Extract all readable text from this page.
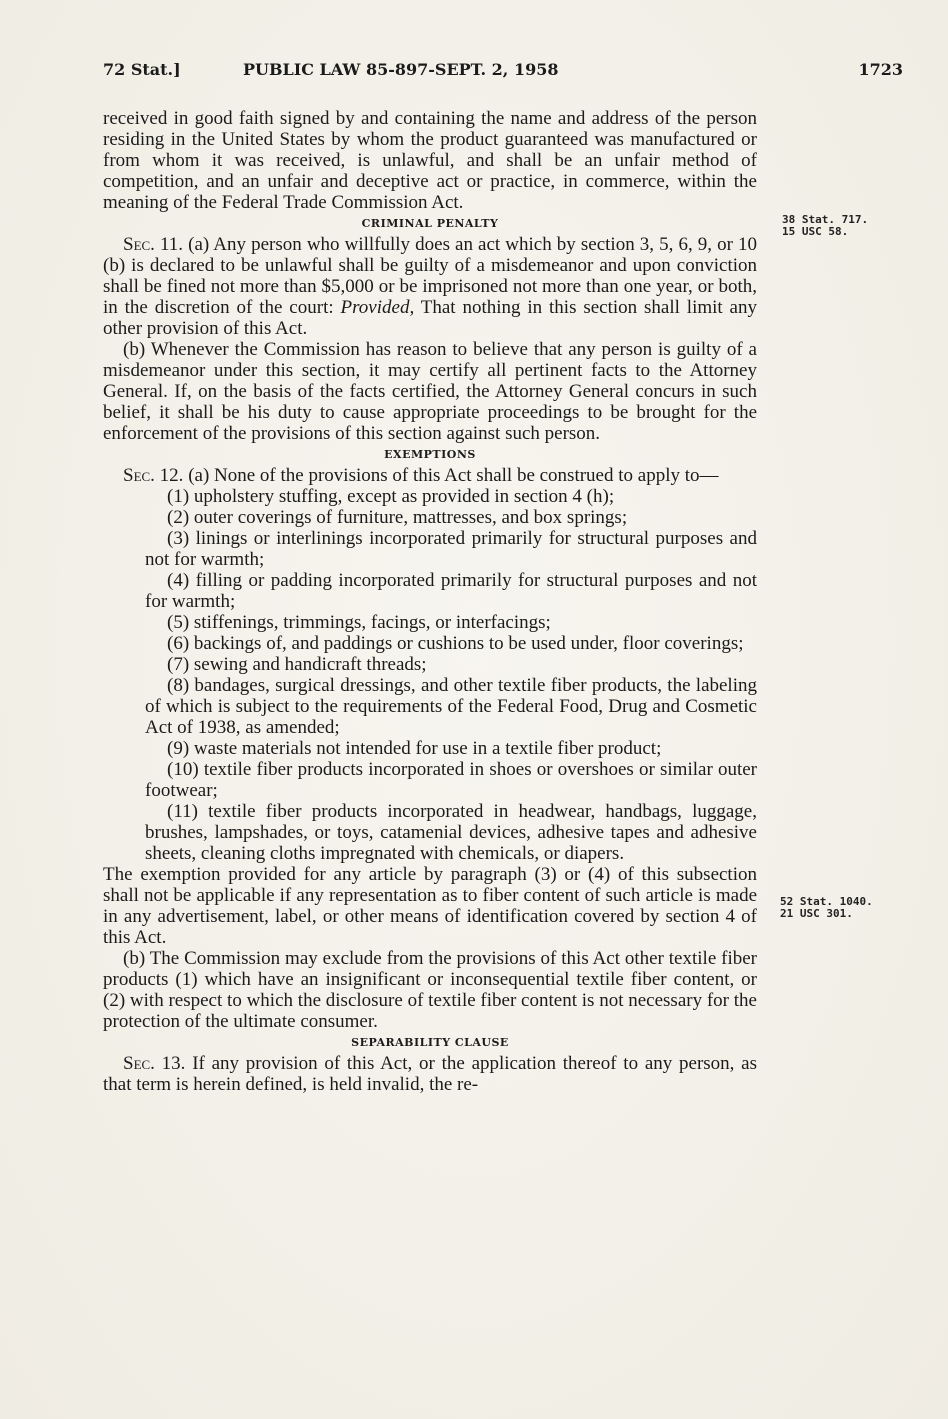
72 Stat.]	PUBLIC LAW 85-897-SEPT. 2, 1958	1723

received in good faith signed by and containing the name and address of the person residing in the United States by whom the product guaranteed was manufactured or from whom it was received, is unlawful, and shall be an unfair method of competition, and an unfair and deceptive act or practice, in commerce, within the meaning of the Federal Trade Commission Act.

CRIMINAL PENALTY

Sec. 11. (a) Any person who willfully does an act which by section 3, 5, 6, 9, or 10 (b) is declared to be unlawful shall be guilty of a misdemeanor and upon conviction shall be fined not more than $5,000 or be imprisoned not more than one year, or both, in the discretion of the court: Provided, That nothing in this section shall limit any other provision of this Act.

(b) Whenever the Commission has reason to believe that any person is guilty of a misdemeanor under this section, it may certify all pertinent facts to the Attorney General. If, on the basis of the facts certified, the Attorney General concurs in such belief, it shall be his duty to cause appropriate proceedings to be brought for the enforcement of the provisions of this section against such person.

EXEMPTIONS

Sec. 12. (a) None of the provisions of this Act shall be construed to apply to—

(1) upholstery stuffing, except as provided in section 4 (h);

(2) outer coverings of furniture, mattresses, and box springs;

(3) linings or interlinings incorporated primarily for structural purposes and not for warmth;

(4) filling or padding incorporated primarily for structural purposes and not for warmth;

(5) stiffenings, trimmings, facings, or interfacings;

(6) backings of, and paddings or cushions to be used under, floor coverings;

(7) sewing and handicraft threads;

(8) bandages, surgical dressings, and other textile fiber products, the labeling of which is subject to the requirements of the Federal Food, Drug and Cosmetic Act of 1938, as amended;

(9) waste materials not intended for use in a textile fiber product;

(10) textile fiber products incorporated in shoes or overshoes or similar outer footwear;

(11) textile fiber products incorporated in headwear, handbags, luggage, brushes, lampshades, or toys, catamenial devices, adhesive tapes and adhesive sheets, cleaning cloths impregnated with chemicals, or diapers.

The exemption provided for any article by paragraph (3) or (4) of this subsection shall not be applicable if any representation as to fiber content of such article is made in any advertisement, label, or other means of identification covered by section 4 of this Act.

(b) The Commission may exclude from the provisions of this Act other textile fiber products (1) which have an insignificant or inconsequential textile fiber content, or (2) with respect to which the disclosure of textile fiber content is not necessary for the protection of the ultimate consumer.

SEPARABILITY CLAUSE

Sec. 13. If any provision of this Act, or the application thereof to any person, as that term is herein defined, is held invalid, the re-

38 Stat. 717.
15 USC 58.
52 Stat. 1040.
21 USC 301.
